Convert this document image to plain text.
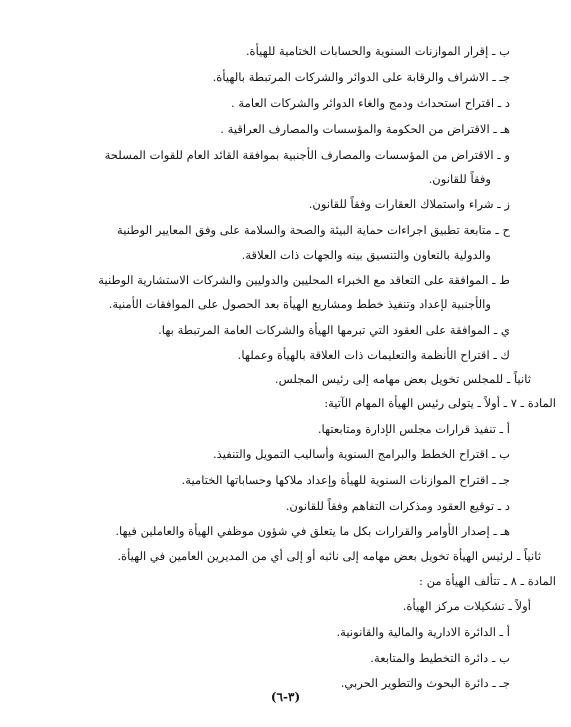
ب ـ إقرار الموازنات السنوية والحسابات الختامية للهيأة.
جـ ـ الاشراف والرقابة على الدوائر والشركات المرتبطة بالهيأة.
د ـ اقتراح استحداث ودمج والغاء الدوائر والشركات العامة .
هـ ـ الاقتراض من الحكومة والمؤسسات والمصارف العراقية .
و ـ الاقتراض من المؤسسات والمصارف الأجنبية بموافقة القائد العام للقوات المسلحة
وفقاً للقانون.
ز ـ شراء واستملاك العقارات وفقاً للقانون.
ح ـ متابعة تطبيق اجراءات حماية البيئة والصحة والسلامة على وفق المعايير الوطنية
والدولية بالتعاون والتنسيق بينه والجهات ذات العلاقة.
ط ـ الموافقة على التعاقد مع الخبراء المحليين والدوليين والشركات الاستشارية الوطنية
والأجنبية لإعداد وتنفيذ خطط ومشاريع الهيأة بعد الحصول على الموافقات الأمنية.
ي ـ الموافقة على العقود التي تبرمها الهيأة والشركات العامة المرتبطة بها.
ك ـ اقتراح الأنظمة والتعليمات ذات العلاقة بالهيأة وعملها.
ثانياً ـ للمجلس تخويل بعض مهامه إلى رئيس المجلس.
المادة ـ ٧ ـ أولاً ـ يتولى رئيس الهيأة المهام الآتية:
أ ـ تنفيذ قرارات مجلس الإدارة ومتابعتها.
ب ـ اقتراح الخطط والبرامج السنوية وأساليب التمويل والتنفيذ.
جـ ـ اقتراح الموازنات السنوية للهيأة وإعداد ملاكها وحساباتها الختامية.
د ـ توقيع العقود ومذكرات التفاهم وفقاً للقانون.
هـ ـ إصدار الأوامر والقرارات بكل ما يتعلق في شؤون موظفي الهيأة والعاملين فيها.
ثانياً ـ لرئيس الهيأة تخويل بعض مهامه إلى نائبه أو إلى أي من المديرين العامين في الهيأة.
المادة ـ ٨ ـ تتألف الهيأة من :
أولاً ـ تشكيلات مركز الهيأة.
أ ـ الدائرة الادارية والمالية والقانونية.
ب ـ دائرة التخطيط والمتابعة.
جـ ـ دائرة البحوث والتطوير الحربي.
(٣-٦)
